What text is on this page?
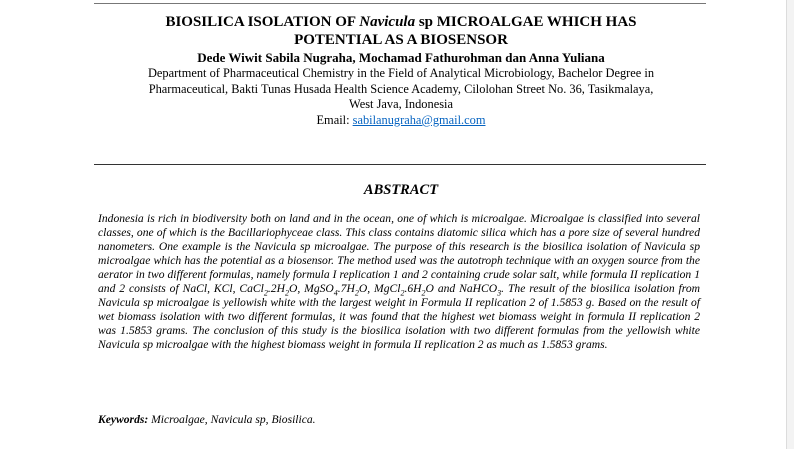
BIOSILICA ISOLATION OF Navicula sp MICROALGAE WHICH HAS
POTENTIAL AS A BIOSENSOR
Dede Wiwit Sabila Nugraha, Mochamad Fathurohman dan Anna Yuliana
Department of Pharmaceutical Chemistry in the Field of Analytical Microbiology, Bachelor Degree in
Pharmaceutical, Bakti Tunas Husada Health Science Academy, Cilolohan Street No. 36, Tasikmalaya,
West Java, Indonesia
Email: sabilanugraha@gmail.com
ABSTRACT
Indonesia is rich in biodiversity both on land and in the ocean, one of which is microalgae. Microalgae is classified into several classes, one of which is the Bacillariophyceae class. This class contains diatomic silica which has a pore size of several hundred nanometers. One example is the Navicula sp microalgae. The purpose of this research is the biosilica isolation of Navicula sp microalgae which has the potential as a biosensor. The method used was the autotroph technique with an oxygen source from the aerator in two different formulas, namely formula I replication 1 and 2 containing crude solar salt, while formula II replication 1 and 2 consists of NaCl, KCl, $CaCl_2.2H_2O$, $MgSO_4.7H_2O$, $MgCl_2.6H_2O$ and NaHCO$_3$. The result of the biosilica isolation from Navicula sp microalgae is yellowish white with the largest weight in Formula II replication 2 of 1.5853 g. Based on the result of wet biomass isolation with two different formulas, it was found that the highest wet biomass weight in formula II replication 2 was 1.5853 grams. The conclusion of this study is the biosilica isolation with two different formulas from the yellowish white Navicula sp microalgae with the highest biomass weight in formula II replication 2 as much as 1.5853 grams.
Keywords: Microalgae, Navicula sp, Biosilica.
